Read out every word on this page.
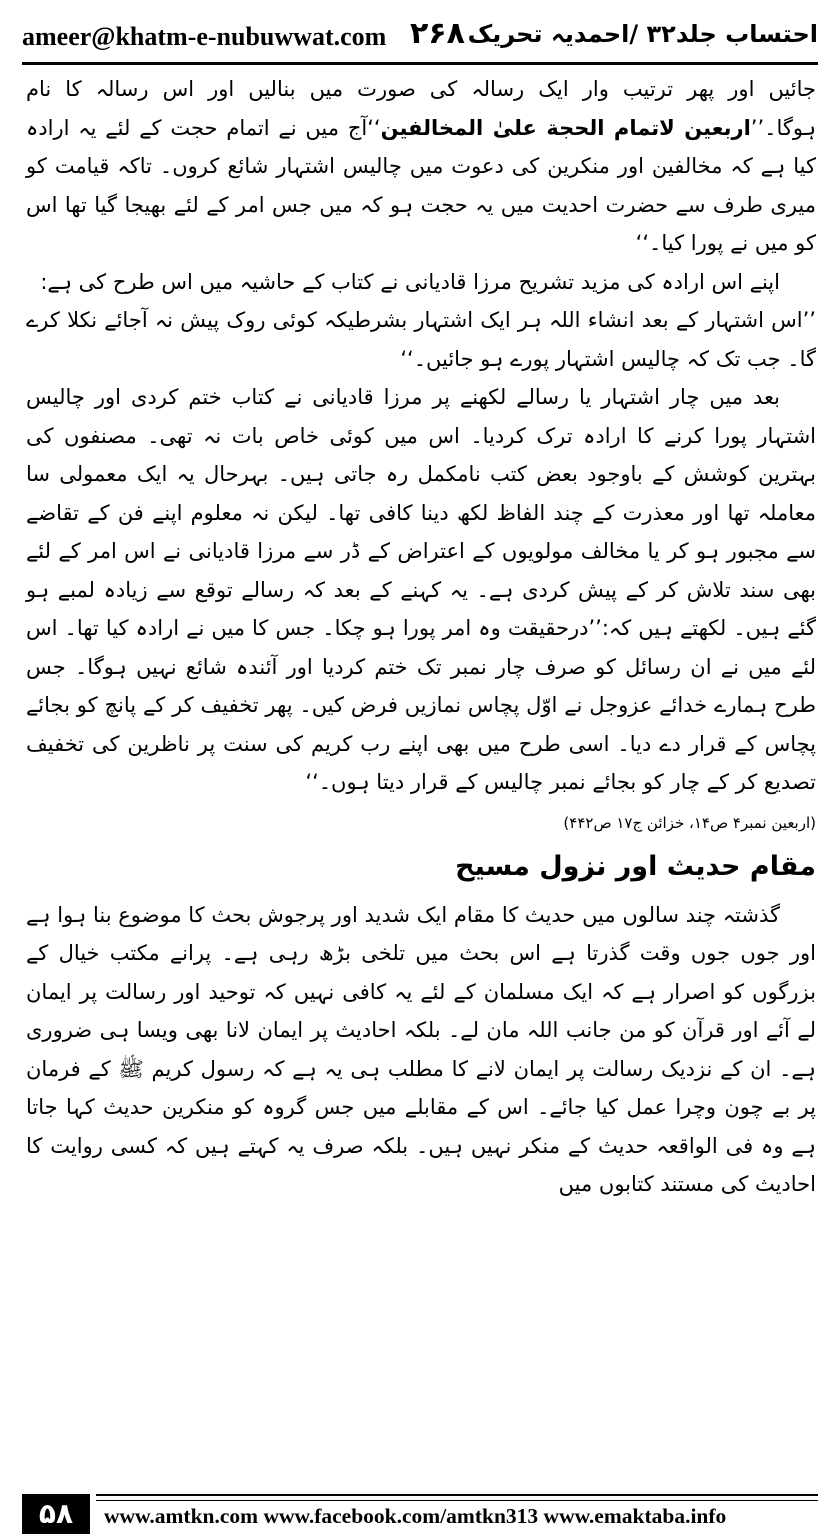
ameer@khatm-e-nubuwwat.com ۲۶۸ احتساب جلد۳۲ /احمدیہ تحریک

جائیں اور پھر ترتیب وار ایک رسالہ کی صورت میں بنالیں اور اس رسالہ کا نام ہوگا۔’’اربعین لاتمام الحجة علیٰ المخالفین‘‘آج میں نے اتمام حجت کے لئے یہ ارادہ کیا ہے کہ مخالفین اور منکرین کی دعوت میں چالیس اشتہار شائع کروں۔ تاکہ قیامت کو میری طرف سے حضرت احدیت میں یہ حجت ہو کہ میں جس امر کے لئے بھیجا گیا تھا اس کو میں نے پورا کیا۔‘‘

اپنے اس ارادہ کی مزید تشریح مرزا قادیانی نے کتاب کے حاشیہ میں اس طرح کی ہے:

’’اس اشتہار کے بعد انشاء اللہ ہر ایک اشتہار بشرطیکہ کوئی روک پیش نہ آجائے نکلا کرے گا۔ جب تک کہ چالیس اشتہار پورے ہو جائیں۔‘‘

بعد میں چار اشتہار یا رسالے لکھنے پر مرزا قادیانی نے کتاب ختم کردی اور چالیس اشتہار پورا کرنے کا ارادہ ترک کردیا۔ اس میں کوئی خاص بات نہ تھی۔ مصنفوں کی بہترین کوشش کے باوجود بعض کتب نامکمل رہ جاتی ہیں۔ بہرحال یہ ایک معمولی سا معاملہ تھا اور معذرت کے چند الفاظ لکھ دینا کافی تھا۔ لیکن نہ معلوم اپنے فن کے تقاضے سے مجبور ہو کر یا مخالف مولویوں کے اعتراض کے ڈر سے مرزا قادیانی نے اس امر کے لئے بھی سند تلاش کر کے پیش کردی ہے۔ یہ کہنے کے بعد کہ رسالے توقع سے زیادہ لمبے ہو گئے ہیں۔ لکھتے ہیں کہ:’’درحقیقت وہ امر پورا ہو چکا۔ جس کا میں نے ارادہ کیا تھا۔ اس لئے میں نے ان رسائل کو صرف چار نمبر تک ختم کردیا اور آئندہ شائع نہیں ہوگا۔ جس طرح ہمارے خدائے عزوجل نے اوّل پچاس نمازیں فرض کیں۔ پھر تخفیف کر کے پانچ کو بجائے پچاس کے قرار دے دیا۔ اسی طرح میں بھی اپنے رب کریم کی سنت پر ناظرین کی تخفیف تصدیع کر کے چار کو بجائے نمبر چالیس کے قرار دیتا ہوں۔‘‘

(اربعین نمبر۴ ص۱۴، خزائن ج۱۷ ص۴۴۲)

مقام حدیث اور نزول مسیح

گذشتہ چند سالوں میں حدیث کا مقام ایک شدید اور پرجوش بحث کا موضوع بنا ہوا ہے اور جوں جوں وقت گذرتا ہے اس بحث میں تلخی بڑھ رہی ہے۔ پرانے مکتب خیال کے بزرگوں کو اصرار ہے کہ ایک مسلمان کے لئے یہ کافی نہیں کہ توحید اور رسالت پر ایمان لے آئے اور قرآن کو من جانب اللہ مان لے۔ بلکہ احادیث پر ایمان لانا بھی ویسا ہی ضروری ہے۔ ان کے نزدیک رسالت پر ایمان لانے کا مطلب ہی یہ ہے کہ رسول کریم ﷺ کے فرمان پر بے چون وچرا عمل کیا جائے۔ اس کے مقابلے میں جس گروہ کو منکرین حدیث کہا جاتا ہے وہ فی الواقعہ حدیث کے منکر نہیں ہیں۔ بلکہ صرف یہ کہتے ہیں کہ کسی روایت کا احادیث کی مستند کتابوں میں

۵۸	www.amtkn.com www.facebook.com/amtkn313 www.emaktaba.info
